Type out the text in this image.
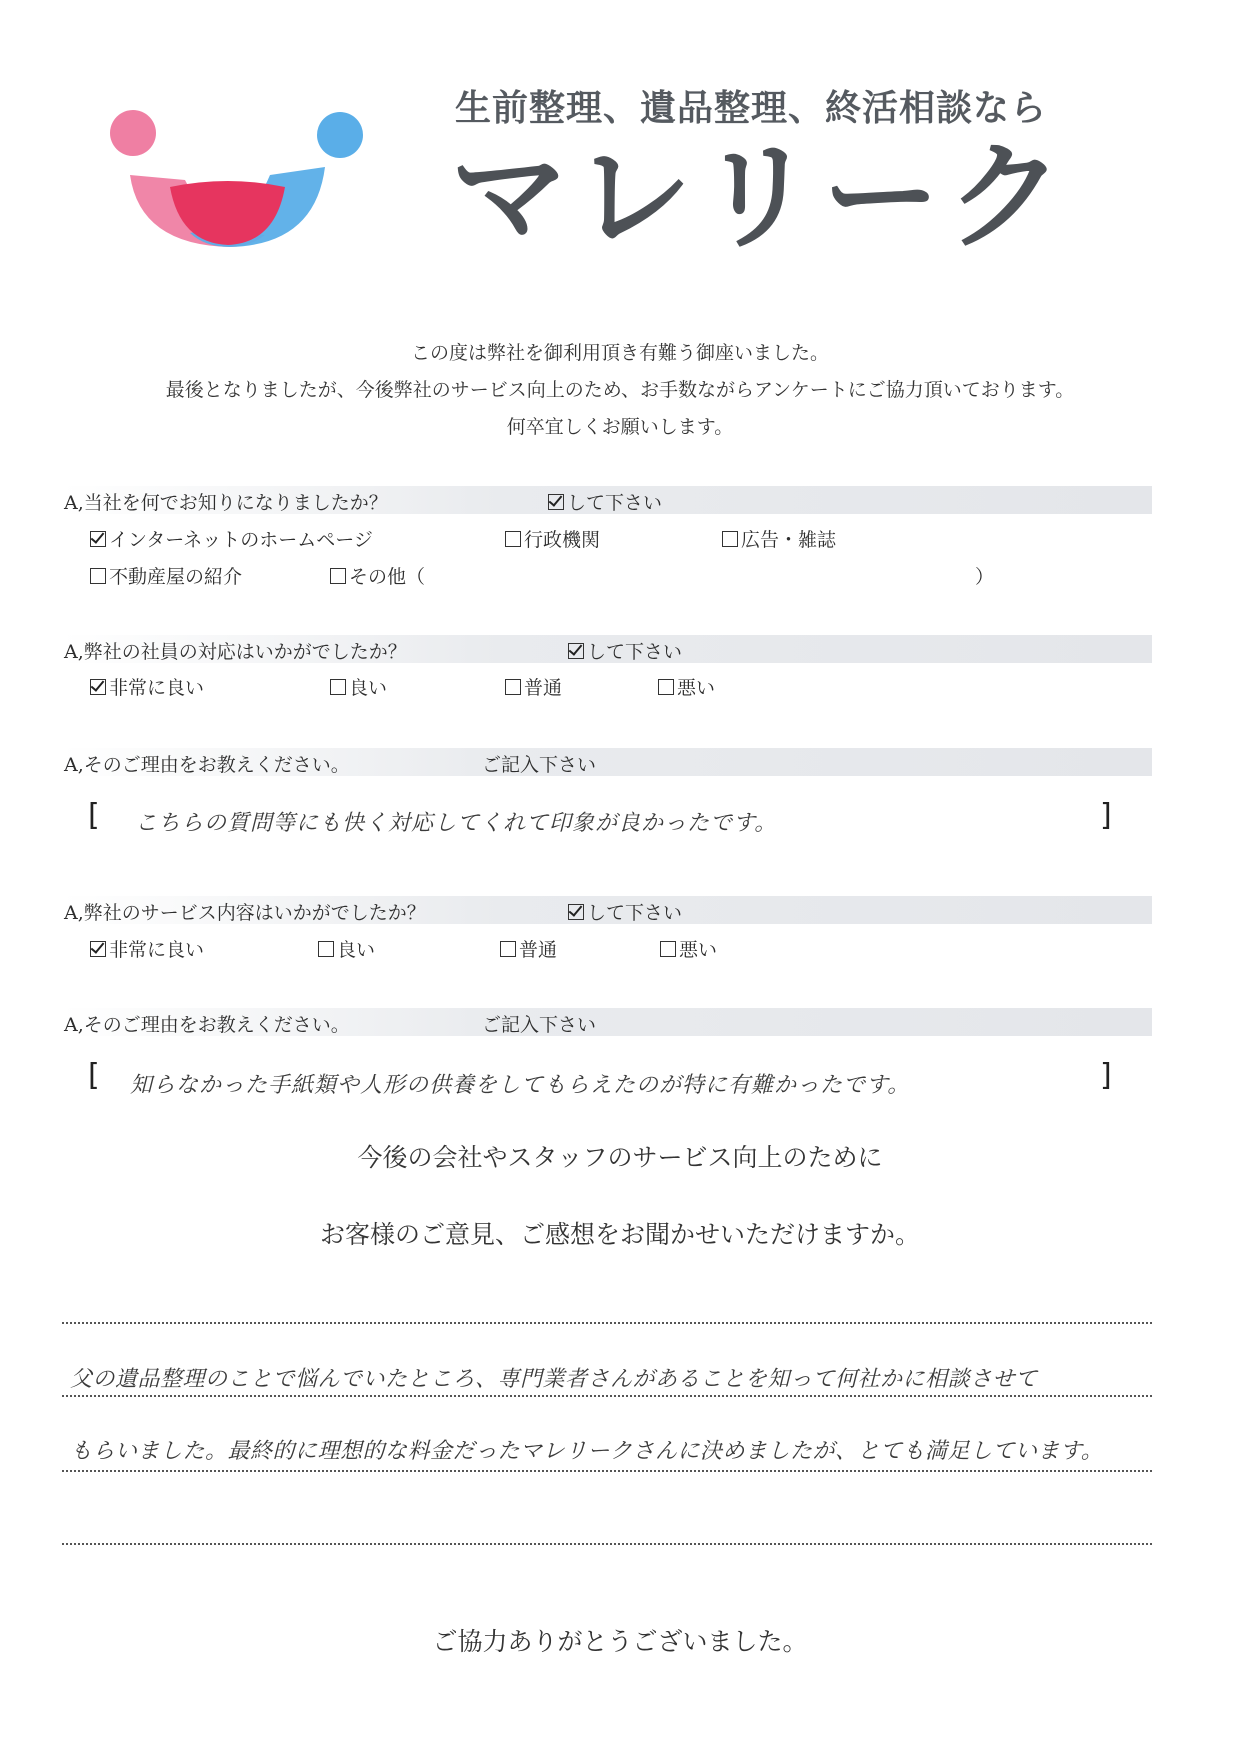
生前整理、遺品整理、終活相談なら
マレリーク
この度は弊社を御利用頂き有難う御座いました。
最後となりましたが、今後弊社のサービス向上のため、お手数ながらアンケートにご協力頂いております。
何卒宜しくお願いします。
A,当社を何でお知りになりましたか？	して下さい
インターネットのホームページ	行政機関	広告・雑誌
不動産屋の紹介	その他（	）
A,弊社の社員の対応はいかがでしたか？	して下さい
非常に良い	良い	普通	悪い
A,そのご理由をお教えください。	ご記入下さい
[ こちらの質問等にも快く対応してくれて印象が良かったです。	]
A,弊社のサービス内容はいかがでしたか？	して下さい
非常に良い	良い	普通	悪い
A,そのご理由をお教えください。	ご記入下さい
[ 知らなかった手紙類や人形の供養をしてもらえたのが特に有難かったです。	]
今後の会社やスタッフのサービス向上のために
お客様のご意見、ご感想をお聞かせいただけますか。
父の遺品整理のことで悩んでいたところ、専門業者さんがあることを知って何社かに相談させて
もらいました。最終的に理想的な料金だったマレリークさんに決めましたが、とても満足しています。
ご協力ありがとうございました。
